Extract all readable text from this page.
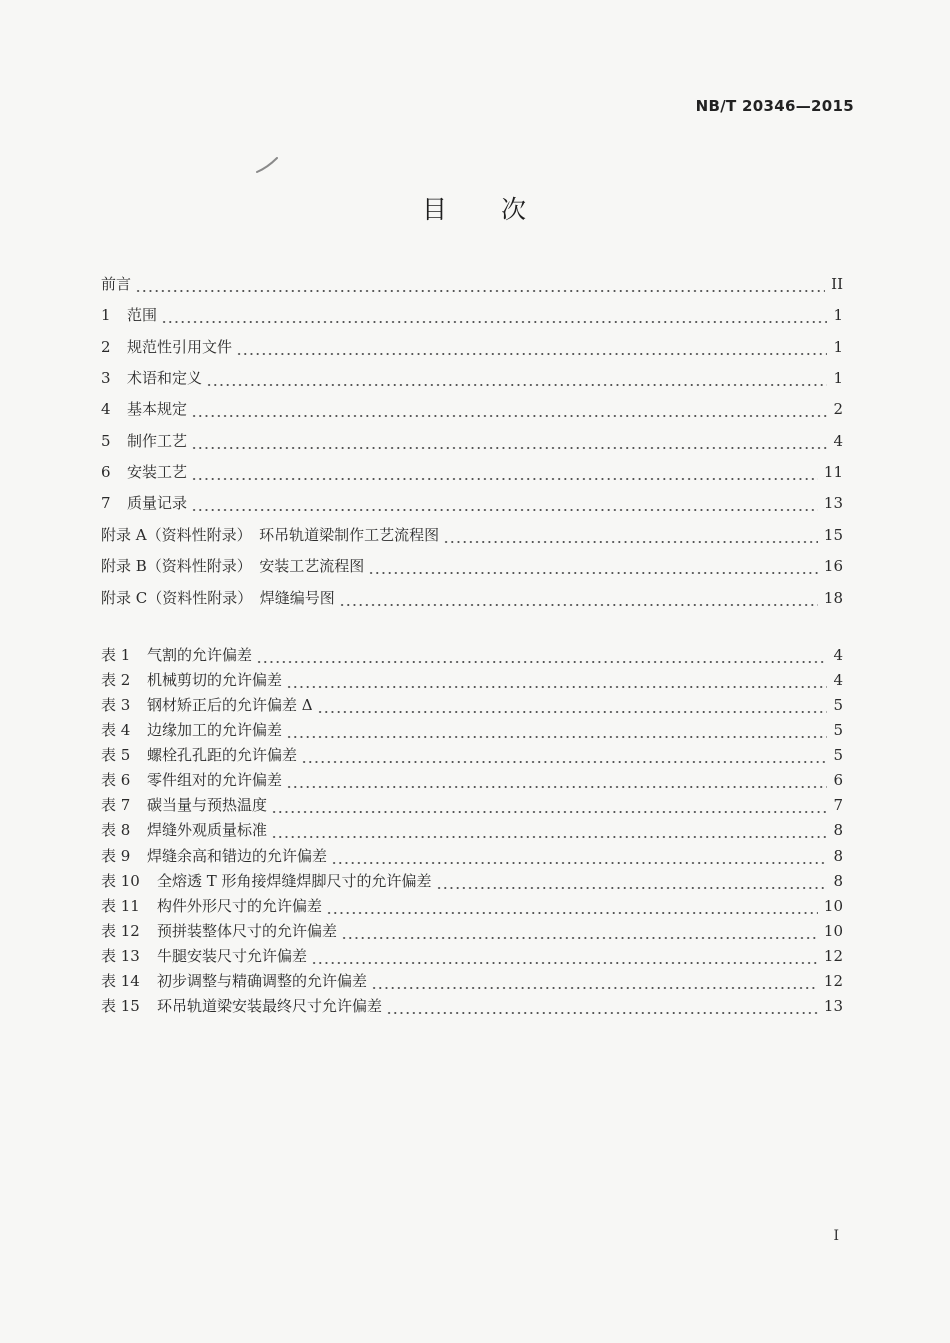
NB/T 20346—2015
目 次
前言	II
1	范围	1
2	规范性引用文件	1
3	术语和定义	1
4	基本规定	2
5	制作工艺	4
6	安装工艺	11
7	质量记录	13
附录 A（资料性附录）　环吊轨道梁制作工艺流程图	15
附录 B（资料性附录）　安装工艺流程图	16
附录 C（资料性附录）　焊缝编号图	18
表 1	气割的允许偏差	4
表 2	机械剪切的允许偏差	4
表 3	钢材矫正后的允许偏差 Δ	5
表 4	边缘加工的允许偏差	5
表 5	螺栓孔孔距的允许偏差	5
表 6	零件组对的允许偏差	6
表 7	碳当量与预热温度	7
表 8	焊缝外观质量标准	8
表 9	焊缝余高和错边的允许偏差	8
表 10	全熔透 T 形角接焊缝焊脚尺寸的允许偏差	8
表 11	构件外形尺寸的允许偏差	10
表 12	预拼装整体尺寸的允许偏差	10
表 13	牛腿安装尺寸允许偏差	12
表 14	初步调整与精确调整的允许偏差	12
表 15	环吊轨道梁安装最终尺寸允许偏差	13
I
